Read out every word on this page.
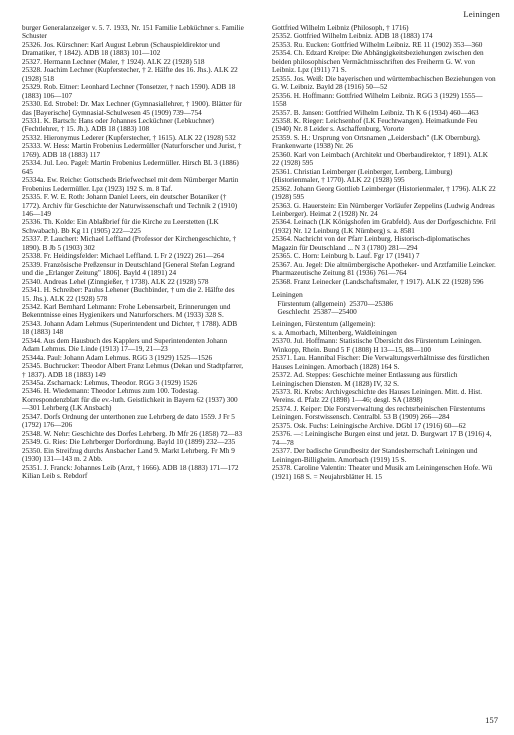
Leiningen

burger Generalanzeiger v. 5. 7. 1933, Nr. 151 Familie Lebküchner s. Familie Schuster

25326. Jos. Kürschner: Karl August Lebrun (Schauspieldirektor und Dramatiker, † 1842). ADB 18 (1883) 101—102

25327. Hermann Lechner (Maler, † 1924). ALK 22 (1928) 518

25328. Joachim Lechner (Kupferstecher, † 2. Hälfte des 16. Jhs.). ALK 22 (1928) 518

25329. Rob. Eitner: Leonhard Lechner (Tonsetzer, † nach 1590). ADB 18 (1883) 106—107

25330. Ed. Strobel: Dr. Max Lechner (Gymnasiallehrer, † 1900). Blätter für das [Bayerische] Gymnasial-Schulwesen 45 (1909) 739—754

25331. K. Bartsch: Hans oder Johannes Lecküchner (Lebkuchner) (Fechtlehrer, † 15. Jh.). ADB 18 (1883) 108

25332. Hieronymus Lederer (Kupferstecher, † 1615). ALK 22 (1928) 532

25333. W. Hess: Martin Frobenius Ledermüller (Naturforscher und Jurist, † 1769). ADB 18 (1883) 117

25334. Jul. Leo. Pagel: Martin Frobenius Ledermüller. Hirsch BL 3 (1886) 645

25334a. Ew. Reiche: Gottscheds Briefwechsel mit dem Nürnberger Martin Frobenius Ledermüller. Lpz (1923) 192 S. m. 8 Taf.

25335. F. W. E. Roth: Johann Daniel Leers, ein deutscher Botaniker († 1772). Archiv für Geschichte der Naturwissenschaft und Technik 2 (1910) 146—149

25336. Th. Kolde: Ein Ablaßbrief für die Kirche zu Leerstetten (LK Schwabach). Bb Kg 11 (1905) 222—225

25337. P. Lauchert: Michael Leffland (Professor der Kirchengeschichte, † 1890). B Jb 5 (1903) 302

25338. Fr. Heidingsfelder: Michael Leffland. L Fr 2 (1922) 261—264

25339. Französische Preßzensur in Deutschland [General Stefan Legrand und die „Erlanger Zeitung" 1806]. Bayld 4 (1891) 24

25340. Andreas Lehel (Zinngießer, † 1738). ALK 22 (1928) 578

25341. H. Schreiber: Paulus Lehener (Buchbinder, † um die 2. Hälfte des 15. Jhs.). ALK 22 (1928) 578

25342. Karl Bernhard Lehmann: Frohe Lebensarbeit, Erinnerungen und Bekenntnisse eines Hygienikers und Naturforschers. M (1933) 328 S.

25343. Johann Adam Lehmus (Superintendent und Dichter, † 1788). ADB 18 (1883) 148

25344. Aus dem Hausbuch des Kapplers und Superintendenten Johann Adam Lehmus. Die Linde (1913) 17—19, 21—23

25344a. Paul: Johann Adam Lehmus. RGG 3 (1929) 1525—1526

25345. Buchrucker: Theodor Albert Franz Lehmus (Dekan und Stadtpfarrer, † 1837). ADB 18 (1883) 149

25345a. Zscharnack: Lehmus, Theodor. RGG 3 (1929) 1526

25346. H. Wiedemann: Theodor Lehmus zum 100. Todestag. Korrespondenzblatt für die ev.-luth. Geistlichkeit in Bayern 62 (1937) 300—301 Lehrberg (LK Ansbach)

25347. Dorfs Ordnung der unterthonen zue Lehrberg de dato 1559. J Fr 5 (1792) 176—206

25348. W. Nehr: Geschichte des Dorfes Lehrberg. Jb Mfr 26 (1858) 72—83

25349. G. Ries: Die Lehrberger Dorfordnung. Bayld 10 (1899) 232—235

25350. Ein Streifzug durchs Ansbacher Land 9. Markt Lehrberg. Fr Mh 9 (1930) 131—143 m. 2 Abb.

25351. J. Franck: Johannes Leib (Arzt, † 1666). ADB 18 (1883) 171—172

Kilian Leib s. Rebdorf

Gottfried Wilhelm Leibniz (Philosoph, † 1716)

25352. Gottfried Wilhelm Leibniz. ADB 18 (1883) 174

25353. Ru. Eucken: Gottfried Wilhelm Leibniz. RE 11 (1902) 353—360

25354. Ch. Edzard Kreipe: Die Abhängigkeitsbeziehungen zwischen den beiden philosophischen Vermächtnisschriften des Freiherrn G. W. von Leibniz. Lpz (1911) 71 S.

25355. Jos. Weiß: Die bayerischen und württembachischen Beziehungen von G. W. Leibniz. Bayld 28 (1916) 50—52

25356. H. Hoffmann: Gottfried Wilhelm Leibniz. RGG 3 (1929) 1555—1558

25357. B. Jansen: Gottfried Wilhelm Leibniz. Th K 6 (1934) 460—463

25358. K. Rieger: Leichsenhof (LK Feuchtwangen). Heimatkunde Feu (1940) Nr. 8 Leider s. Aschaffenburg, Vororte

25359. S. H.: Ursprung von Ortsnamen „Leidersbach" (LK Obernburg). Frankenwarte (1938) Nr. 26

25360. Karl von Leimbach (Architekt und Oberbaudirektor, † 1891). ALK 22 (1928) 595

25361. Christian Leimberger (Leinberger, Lemberg, Limburg) (Historienmaler, † 1770). ALK 22 (1928) 595

25362. Johann Georg Gottlieb Leimberger (Historienmaler, † 1796). ALK 22 (1928) 595

25363. G. Hauerstein: Ein Nürnberger Vorläufer Zeppelins (Ludwig Andreas Leinberger). Heimat 2 (1928) Nr. 24

25364. Leinach (LK Königshofen im Grabfeld). Aus der Dorfgeschichte. Fril (1932) Nr. 12 Leinburg (LK Nürnberg) s. a. 8581

25364. Nachricht von der Pfarr Leinburg. Historisch-diplomatisches Magazin für Deutschland ... N 3 (1780) 281—294

25365. C. Horn: Leinburg b. Lauf. Fgr 17 (1941) 7

25367. Au. Jegel: Die altnürnbergische Apotheker- und Arztfamilie Leincker. Pharmazeutische Zeitung 81 (1936) 761—764

25368. Franz Leinecker (Landschaftsmaler, † 1917). ALK 22 (1928) 596

Leiningen
Fürstentum (allgemein) 25370—25386
Geschlecht 25387—25400
Leiningen, Fürstentum (allgemein):

s. a. Amorbach, Miltenberg, Waldleiningen

25370. Jul. Hoffmann: Statistische Übersicht des Fürstentum Leiningen. Winkopp, Rhein. Bund 5 F (1808) H 13—15, 88—100

25371. Lau. Hannibal Fischer: Die Verwaltungsverhältnisse des fürstlichen Hauses Leiningen. Amorbach (1828) 164 S.

25372. Ad. Steppes: Geschichte meiner Entlassung aus fürstlich Leiningischen Diensten. M (1828) IV, 32 S.

25373. Ri. Krebs: Archivgeschichte des Hauses Leiningen. Mitt. d. Hist. Vereins. d. Pfalz 22 (1898) 1—46; desgl. SA (1898)

25374. J. Keiper: Die Forstverwaltung des rechtsrheinischen Fürstentums Leiningen. Forstwissensch. Centralbl. 53 B (1909) 266—284

25375. Osk. Fuchs: Leiningische Archive. DGbl 17 (1916) 60—62

25376. —: Leiningische Burgen einst und jetzt. D. Burgwart 17 B (1916) 4, 74—78

25377. Der badische Grundbesitz der Standesherrschaft Leiningen und Leiningen-Billigheim. Amorbach (1919) 15 S.

25378. Caroline Valentin: Theater und Musik am Leiningenschen Hofe. Wü (1921) 168 S. = Neujahrsblätter H. 15

157
